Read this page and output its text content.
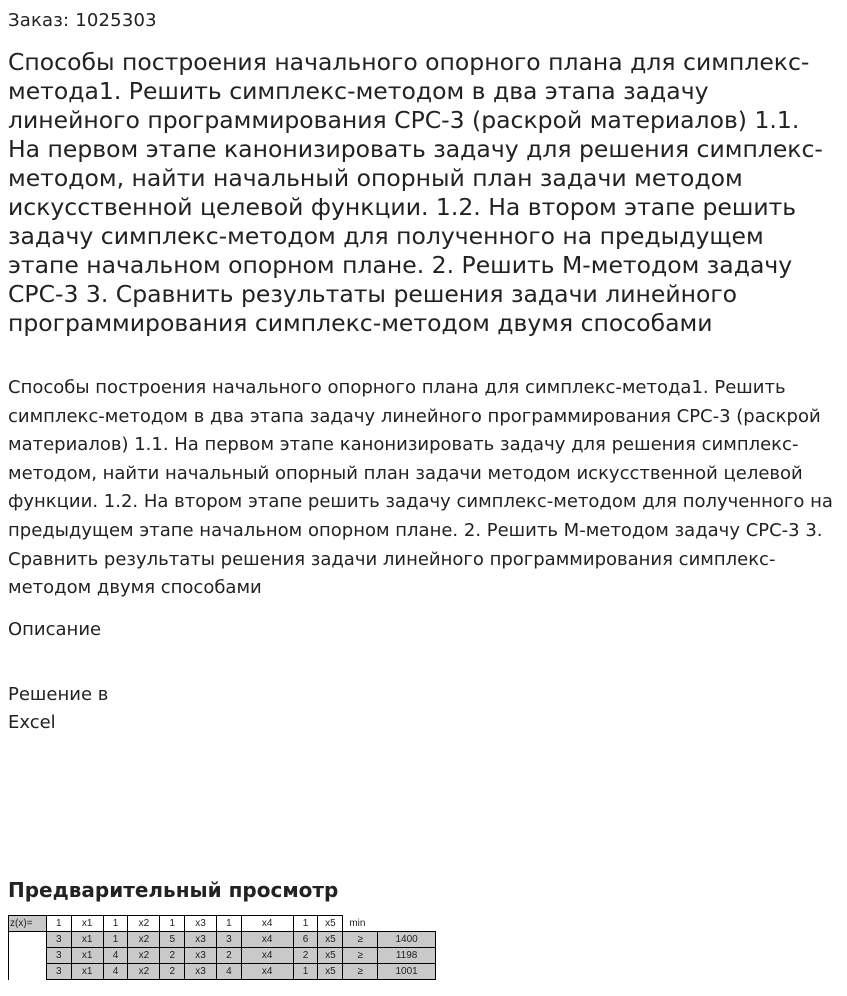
Заказ: 1025303
Способы построения начального опорного плана для симплекс-метода1. Решить симплекс-методом в два этапа задачу линейного программирования СРС-3 (раскрой материалов) 1.1. На первом этапе канонизировать задачу для решения симплекс-методом, найти начальный опорный план задачи методом искусственной целевой функции. 1.2. На втором этапе решить задачу симплекс-методом для полученного на предыдущем этапе начальном опорном плане. 2. Решить М-методом задачу СРС-3 3. Сравнить результаты решения задачи линейного программирования симплекс-методом двумя способами

Способы построения начального опорного плана для симплекс-метода1. Решить симплекс-методом в два этапа задачу линейного программирования СРС-3 (раскрой материалов) 1.1. На первом этапе канонизировать задачу для решения симплекс-методом, найти начальный опорный план задачи методом искусственной целевой функции. 1.2. На втором этапе решить задачу симплекс-методом для полученного на предыдущем этапе начальном опорном плане. 2. Решить М-методом задачу СРС-3 3. Сравнить результаты решения задачи линейного программирования симплекс-методом двумя способами

Описание
Решение в Excel
Предварительный просмотр
z(x)=	1	x1	1	x2	1	x3	1	x4	1	x5	min	
	3	x1	1	x2	5	x3	3	x4	6	x5	≥	1400
	3	x1	4	x2	2	x3	2	x4	2	x5	≥	1198
	3	x1	4	x2	2	x3	4	x4	1	x5	≥	1001
